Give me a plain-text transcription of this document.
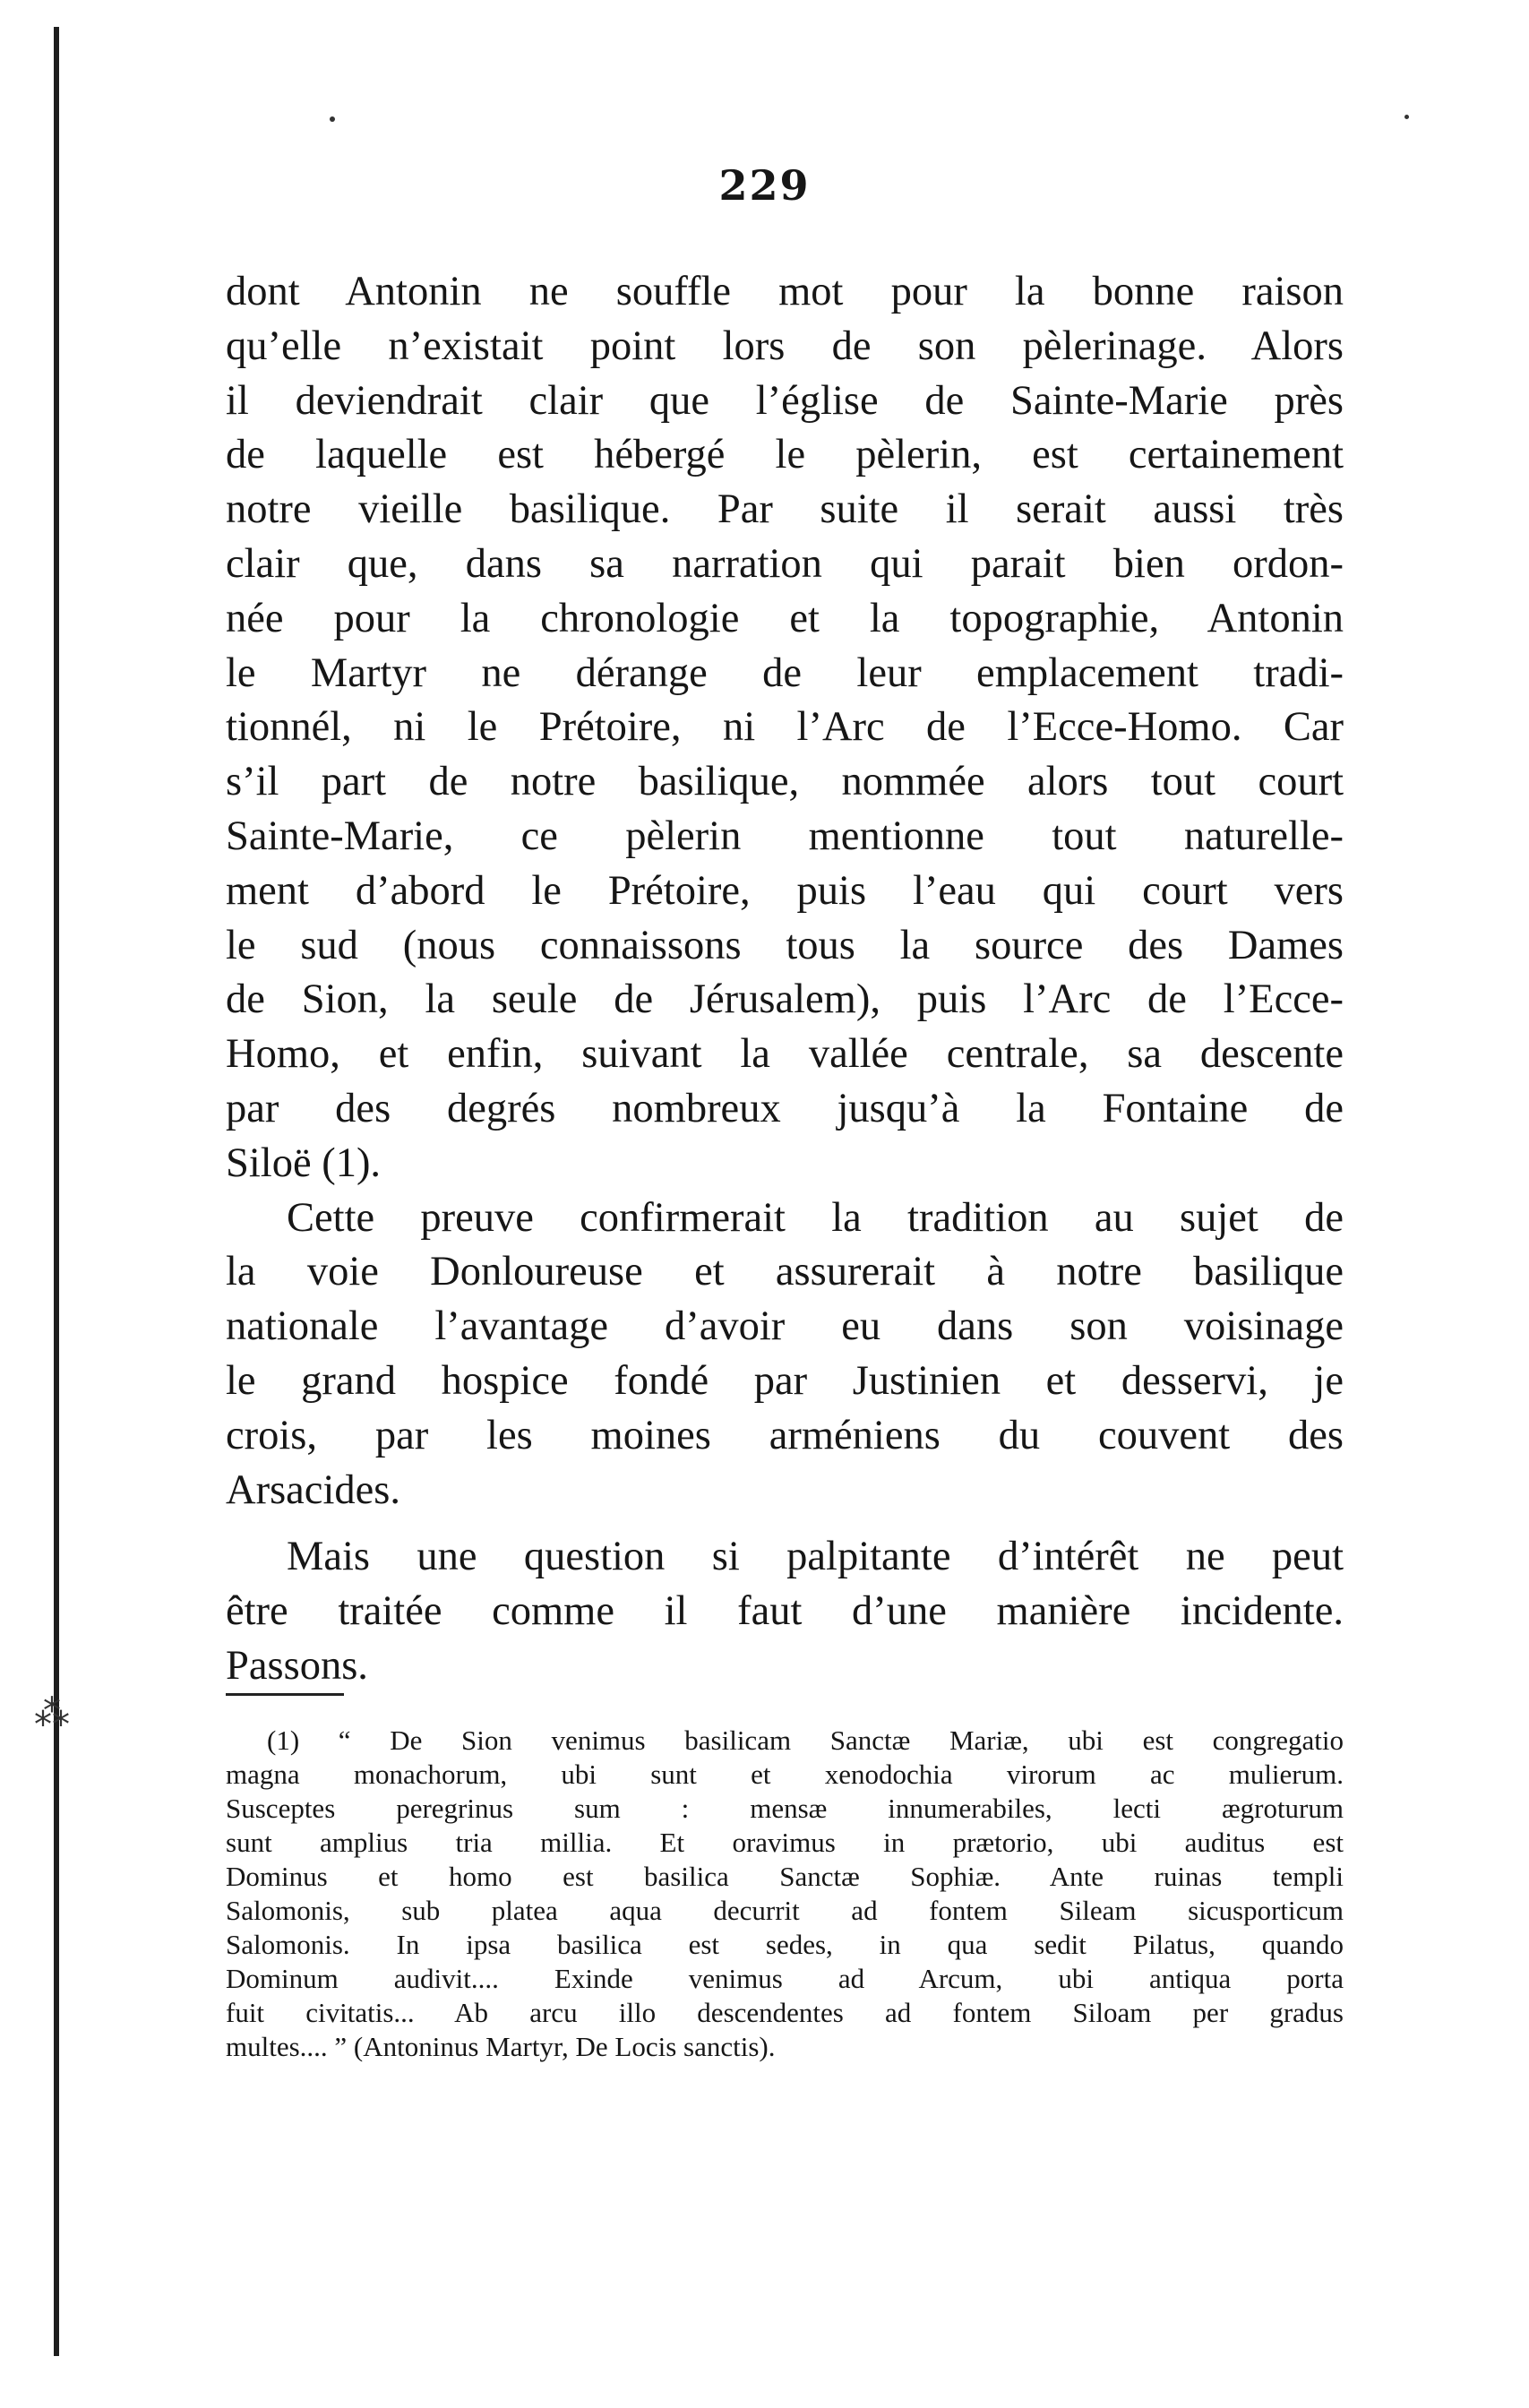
⁂
229
dont Antonin ne souffle mot pour la bonne raison
qu’elle n’existait point lors de son pèlerinage. Alors
il deviendrait clair que l’église de Sainte-Marie près
de laquelle est hébergé le pèlerin, est certainement
notre vieille basilique. Par suite il serait aussi très
clair que, dans sa narration qui parait bien ordon-
née pour la chronologie et la topographie, Antonin
le Martyr ne dérange de leur emplacement tradi-
tionnél, ni le Prétoire, ni l’Arc de l’Ecce-Homo. Car
s’il part de notre basilique, nommée alors tout court
Sainte-Marie, ce pèlerin mentionne tout naturelle-
ment d’abord le Prétoire, puis l’eau qui court vers
le sud (nous connaissons tous la source des Dames
de Sion, la seule de Jérusalem), puis l’Arc de l’Ecce-
Homo, et enfin, suivant la vallée centrale, sa descente
par des degrés nombreux jusqu’à la Fontaine de
Siloë (1).
Cette preuve confirmerait la tradition au sujet de
la voie Donloureuse et assurerait à notre basilique
nationale l’avantage d’avoir eu dans son voisinage
le grand hospice fondé par Justinien et desservi, je
crois, par les moines arméniens du couvent des
Arsacides.
Mais une question si palpitante d’intérêt ne peut
être traitée comme il faut d’une manière incidente.
Passons.
(1) “ De Sion venimus basilicam Sanctæ Mariæ, ubi est congregatio
magna monachorum, ubi sunt et xenodochia virorum ac mulierum.
Susceptes peregrinus sum : mensæ innumerabiles, lecti ægroturum
sunt amplius tria millia. Et oravimus in prætorio, ubi auditus est
Dominus et homo est basilica Sanctæ Sophiæ. Ante ruinas templi
Salomonis, sub platea aqua decurrit ad fontem Sileam sicusporticum
Salomonis. In ipsa basilica est sedes, in qua sedit Pilatus, quando
Dominum audivit.... Exinde venimus ad Arcum, ubi antiqua porta
fuit civitatis... Ab arcu illo descendentes ad fontem Siloam per gradus
multes.... ” (Antoninus Martyr, De Locis sanctis).
